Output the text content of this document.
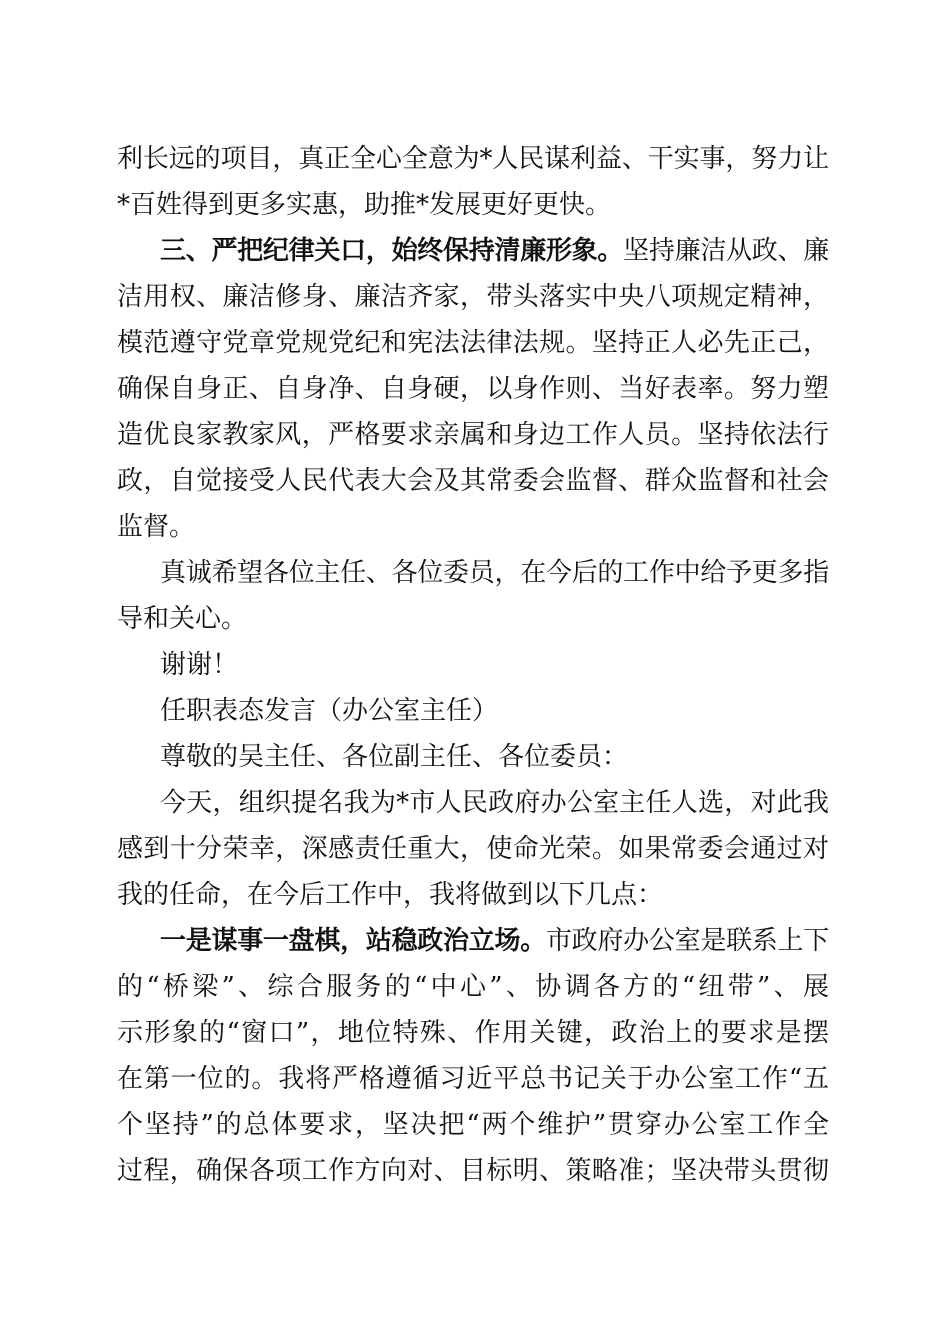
利长远的项目，真正全心全意为*人民谋利益、干实事，努力让
*百姓得到更多实惠，助推*发展更好更快。
三、严把纪律关口，始终保持清廉形象。坚持廉洁从政、廉
洁用权、廉洁修身、廉洁齐家，带头落实中央八项规定精神，
模范遵守党章党规党纪和宪法法律法规。坚持正人必先正己，
确保自身正、自身净、自身硬，以身作则、当好表率。努力塑
造优良家教家风，严格要求亲属和身边工作人员。坚持依法行
政，自觉接受人民代表大会及其常委会监督、群众监督和社会
监督。
真诚希望各位主任、各位委员，在今后的工作中给予更多指
导和关心。
谢谢！
任职表态发言（办公室主任）
尊敬的吴主任、各位副主任、各位委员：
今天，组织提名我为*市人民政府办公室主任人选，对此我
感到十分荣幸，深感责任重大，使命光荣。如果常委会通过对
我的任命，在今后工作中，我将做到以下几点：
一是谋事一盘棋，站稳政治立场。市政府办公室是联系上下
的“桥梁”、综合服务的“中心”、协调各方的“纽带”、展
示形象的“窗口”，地位特殊、作用关键，政治上的要求是摆
在第一位的。我将严格遵循习近平总书记关于办公室工作“五
个坚持”的总体要求，坚决把“两个维护”贯穿办公室工作全
过程，确保各项工作方向对、目标明、策略准；坚决带头贯彻
